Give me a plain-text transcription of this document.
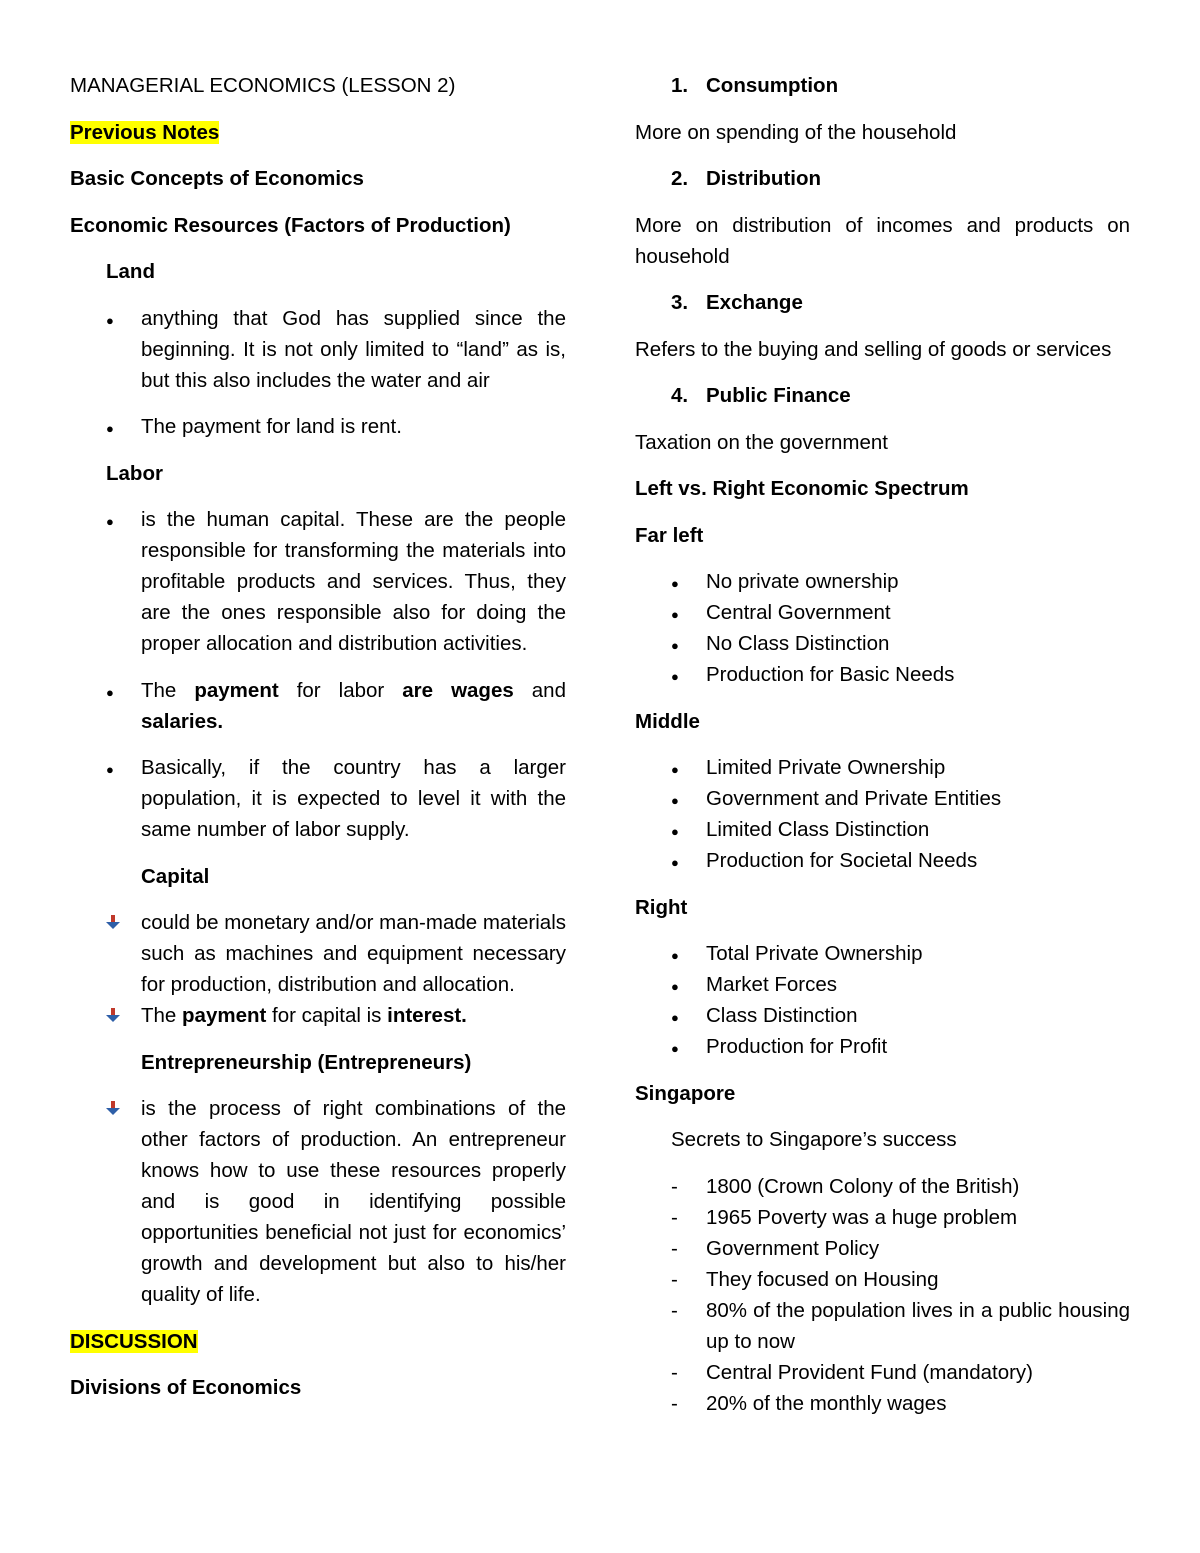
MANAGERIAL ECONOMICS (LESSON 2)

Previous Notes

Basic Concepts of Economics

Economic Resources (Factors of Production)

Land

●
anything that God has supplied since the beginning. It is not only limited to “land” as is, but this also includes the water and air
●
The payment for land is rent.

Labor

●
is the human capital. These are the people responsible for transforming the materials into profitable products and services. Thus, they are the ones responsible also for doing the proper allocation and distribution activities.
●
The payment for labor are wages and salaries.
●
Basically, if the country has a larger population, it is expected to level it with the same number of labor supply.

Capital

could be monetary and/or man-made materials such as machines and equipment necessary for production, distribution and allocation.
The payment for capital is interest.

Entrepreneurship (Entrepreneurs)

is the process of right combinations of the other factors of production. An entrepreneur knows how to use these resources properly and is good in identifying possible opportunities beneficial not just for economics’ growth and development but also to his/her quality of life.

DISCUSSION

Divisions of Economics

1. Consumption

More on spending of the household

2. Distribution

More on distribution of incomes and products on household

3. Exchange

Refers to the buying and selling of goods or services

4. Public Finance

Taxation on the government

Left vs. Right Economic Spectrum

Far left

●
No private ownership
●
Central Government
●
No Class Distinction
●
Production for Basic Needs

Middle

●
Limited Private Ownership
●
Government and Private Entities
●
Limited Class Distinction
●
Production for Societal Needs

Right

●
Total Private Ownership
●
Market Forces
●
Class Distinction
●
Production for Profit

Singapore

Secrets to Singapore’s success

-
1800 (Crown Colony of the British)
-
1965 Poverty was a huge problem
-
Government Policy
-
They focused on Housing
-
80% of the population lives in a public housing up to now
-
Central Provident Fund (mandatory)
-
20% of the monthly wages
